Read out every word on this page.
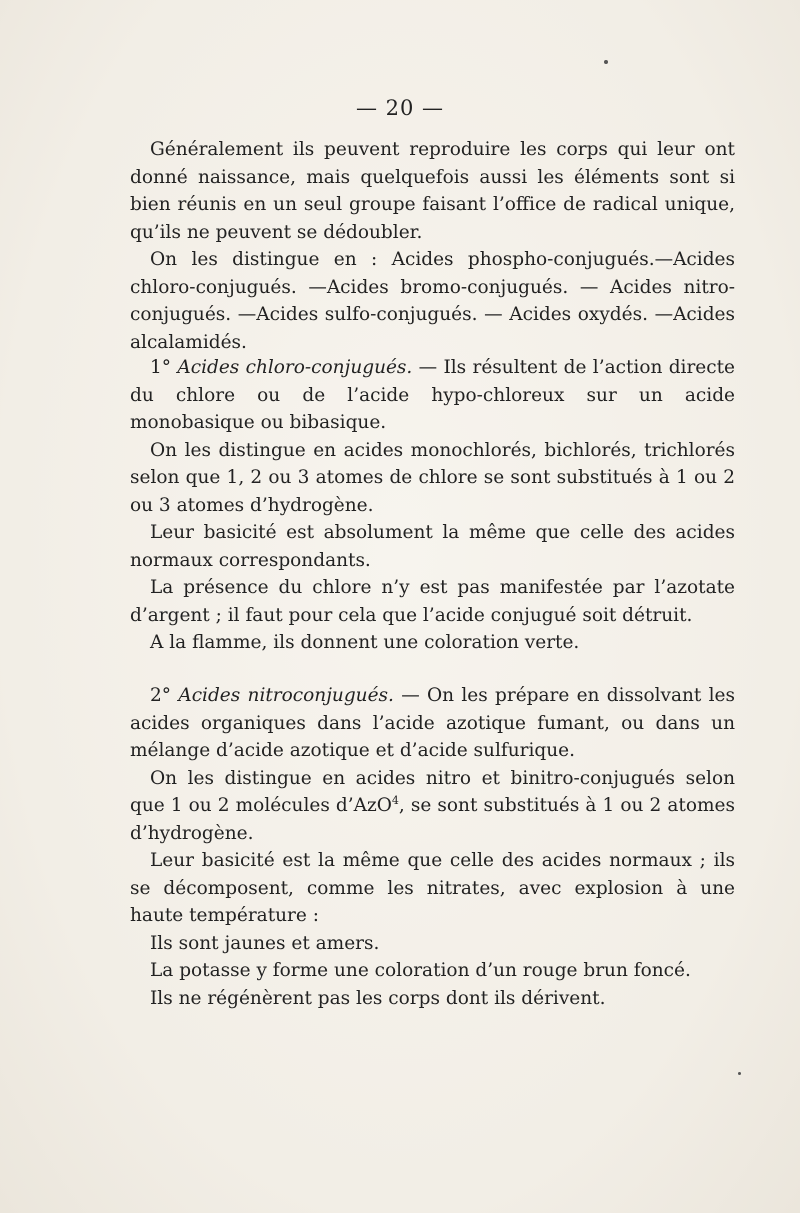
— 20 —

Généralement ils peuvent reproduire les corps qui leur ont donné naissance, mais quelquefois aussi les éléments sont si bien réunis en un seul groupe faisant l’office de radical unique, qu’ils ne peuvent se dédoubler.

On les distingue en : Acides phospho-conjugués.—Acides chloro-conjugués. —Acides bromo-conjugués. — Acides nitro-conjugués. —Acides sulfo-conjugués. — Acides oxydés. —Acides alcalamidés.

1° Acides chloro-conjugués. — Ils résultent de l’action directe du chlore ou de l’acide hypo-chloreux sur un acide monobasique ou bibasique.

On les distingue en acides monochlorés, bichlorés, trichlorés selon que 1, 2 ou 3 atomes de chlore se sont substitués à 1 ou 2 ou 3 atomes d’hydrogène.

Leur basicité est absolument la même que celle des acides normaux correspondants.

La présence du chlore n’y est pas manifestée par l’azotate d’argent ; il faut pour cela que l’acide conjugué soit détruit.

A la flamme, ils donnent une coloration verte.

2° Acides nitroconjugués. — On les prépare en dissolvant les acides organiques dans l’acide azotique fumant, ou dans un mélange d’acide azotique et d’acide sulfurique.

On les distingue en acides nitro et binitro-conjugués selon que 1 ou 2 molécules d’AzO$^4$, se sont substitués à 1 ou 2 atomes d’hydrogène.

Leur basicité est la même que celle des acides normaux ; ils se décomposent, comme les nitrates, avec explosion à une haute température :

Ils sont jaunes et amers.

La potasse y forme une coloration d’un rouge brun foncé.

Ils ne régénèrent pas les corps dont ils dérivent.
